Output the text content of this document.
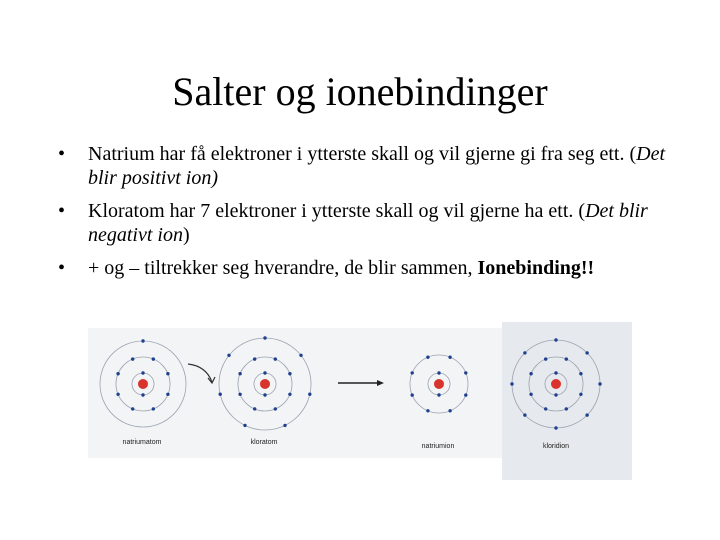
Salter og ionebindinger
• Natrium har få elektroner i ytterste skall og vil gjerne gi fra seg ett. (Det blir positivt ion)
• Kloratom har 7 elektroner i ytterste skall og vil gjerne ha ett. (Det blir negativt ion)
• + og – tiltrekker seg hverandre, de blir sammen, Ionebinding!!
natriumatom	kloratom
natriumion	kloridion
